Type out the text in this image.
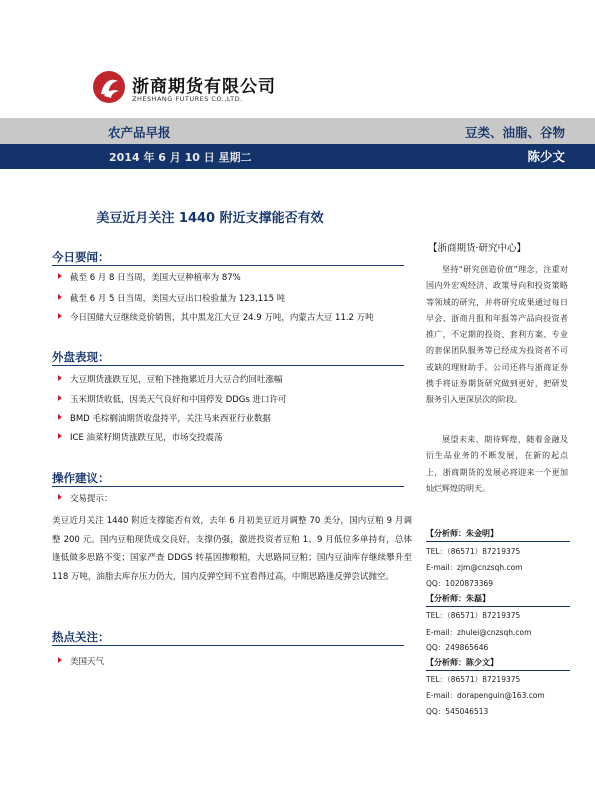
浙商期货有限公司
ZHESHANG FUTURES CO.,LTD.
农产品早报	豆类、油脂、谷物
2014 年 6 月 10 日 星期二	陈少文
美豆近月关注 1440 附近支撑能否有效
今日要闻：
截至 6 月 8 日当周，美国大豆种植率为 87%
截至 6 月 5 日当周，美国大豆出口检验量为 123,115 吨
今日国储大豆继续竞价销售，其中黑龙江大豆 24.9 万吨，内蒙古大豆 11.2 万吨
外盘表现：
大豆期货涨跌互见，豆粕下挫拖累近月大豆合约回吐涨幅
玉米期货收低，因美天气良好和中国停发 DDGs 进口许可
BMD 毛棕榈油期货收盘持平，关注马来西亚行业数据
ICE 油菜籽期货涨跌互见，市场交投震荡
操作建议：
交易提示：
美豆近月关注 1440 附近支撑能否有效，去年 6 月初美豆近月调整 70 美分，国内豆粕 9 月调整 200 元。国内豆粕现货成交良好，支撑仍强，激进投资者豆粕 1、9 月低位多单持有，总体逢低做多思路不变；国家严查 DDGS 转基因掺粮粕，大思路同豆粕；国内豆油库存继续攀升至 118 万吨，油脂去库存压力仍大，国内反弹空间不宜看得过高，中期思路逢反弹尝试抛空。
热点关注：
美国天气
【浙商期货·研究中心】
坚持“研究创造价值”理念，注重对国内外宏观经济、政策导向和投资策略等领域的研究，并将研究成果通过每日早会、浙商月报和年报等产品向投资者推广，不定期的投资、套利方案、专业的套保团队服务等已经成为投资者不可或缺的理财助手。公司还将与浙商证券携手将证券期货研究做到更好，把研发服务引入更深层次的阶段。
展望未来、期待辉煌，随着金融及衍生品业务的不断发展，在新的起点上，浙商期货的发展必将迎来一个更加灿烂辉煌的明天。
【分析师：朱金明】
TEL：（86571）87219375
E-mail：zjm@cnzsqh.com
QQ：1020873369
【分析师：朱磊】
TEL：（86571）87219375
E-mail：zhulei@cnzsqh.com
QQ：249865646
【分析师：陈少文】
TEL：（86571）87219375
E-mail：dorapenguin@163.com
QQ：545046513
